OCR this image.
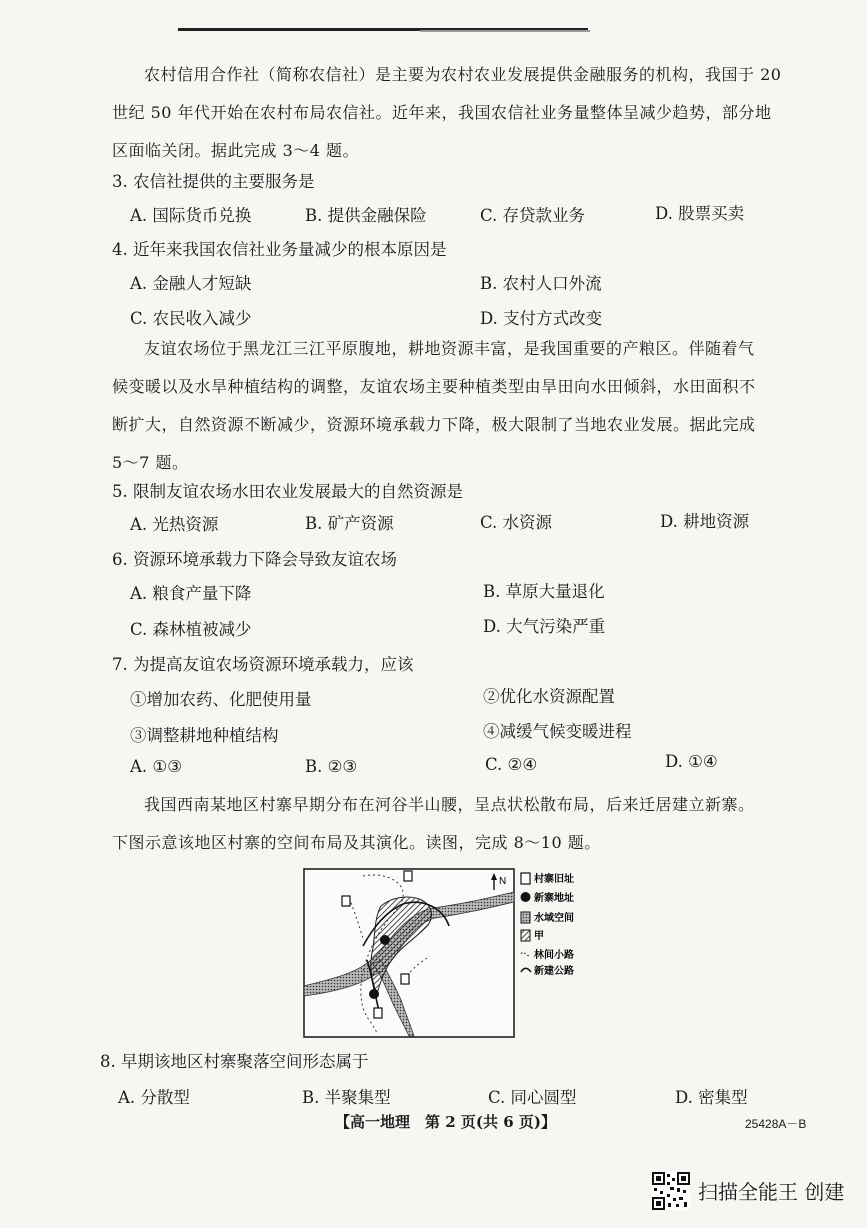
农村信用合作社（简称农信社）是主要为农村农业发展提供金融服务的机构，我国于 20

世纪 50 年代开始在农村布局农信社。近年来，我国农信社业务量整体呈减少趋势，部分地

区面临关闭。据此完成 3～4 题。

3. 农信社提供的主要服务是
A. 国际货币兑换	B. 提供金融保险	C. 存贷款业务	D. 股票买卖
4. 近年来我国农信社业务量减少的根本原因是
A. 金融人才短缺	B. 农村人口外流
C. 农民收入减少	D. 支付方式改变

友谊农场位于黑龙江三江平原腹地，耕地资源丰富，是我国重要的产粮区。伴随着气

候变暖以及水旱种植结构的调整，友谊农场主要种植类型由旱田向水田倾斜，水田面积不

断扩大，自然资源不断减少，资源环境承载力下降，极大限制了当地农业发展。据此完成

5～7 题。

5. 限制友谊农场水田农业发展最大的自然资源是
A. 光热资源	B. 矿产资源	C. 水资源	D. 耕地资源
6. 资源环境承载力下降会导致友谊农场
A. 粮食产量下降	B. 草原大量退化
C. 森林植被减少	D. 大气污染严重
7. 为提高友谊农场资源环境承载力，应该
①增加农药、化肥使用量	②优化水资源配置
③调整耕地种植结构	④减缓气候变暖进程
A. ①③	B. ②③	C. ②④	D. ①④

我国西南某地区村寨早期分布在河谷半山腰，呈点状松散布局，后来迁居建立新寨。

下图示意该地区村寨的空间布局及其演化。读图，完成 8～10 题。

N	村寨旧址
新寨地址
水域空间
甲
林间小路
新建公路
8. 早期该地区村寨聚落空间形态属于
A. 分散型	B. 半聚集型	C. 同心圆型	D. 密集型
【高一地理　第 2 页(共 6 页)】	25428A－B
扫描全能王 创建
